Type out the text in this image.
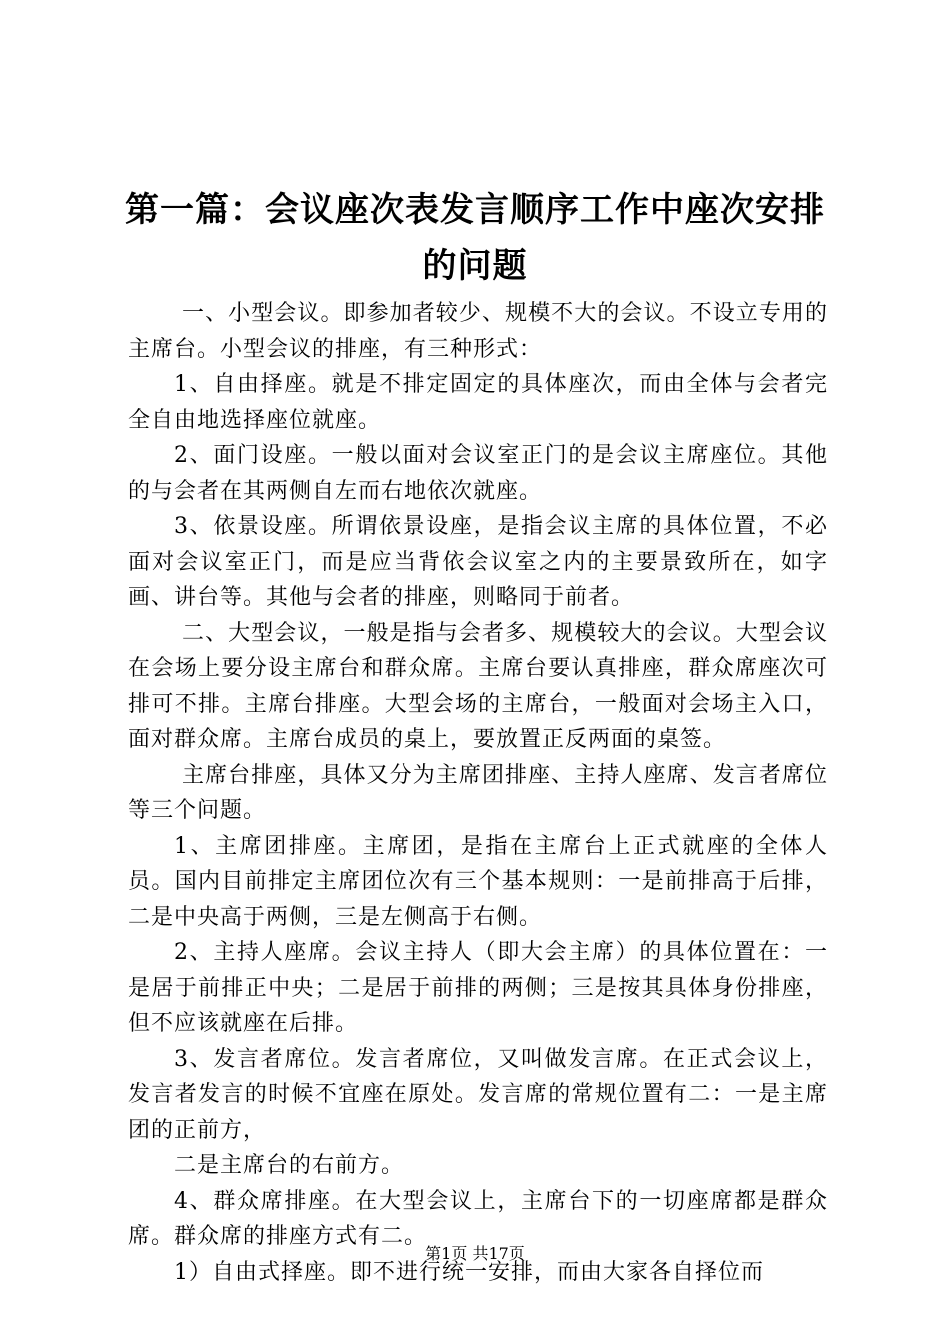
第一篇：会议座次表发言顺序工作中座次安排
的问题

一、小型会议。即参加者较少、规模不大的会议。不设立专用的主席台。小型会议的排座，有三种形式：

1、自由择座。就是不排定固定的具体座次，而由全体与会者完全自由地选择座位就座。

2、面门设座。一般以面对会议室正门的是会议主席座位。其他的与会者在其两侧自左而右地依次就座。

3、依景设座。所谓依景设座，是指会议主席的具体位置，不必面对会议室正门，而是应当背依会议室之内的主要景致所在，如字画、讲台等。其他与会者的排座，则略同于前者。

二、大型会议，一般是指与会者多、规模较大的会议。大型会议在会场上要分设主席台和群众席。主席台要认真排座，群众席座次可排可不排。主席台排座。大型会场的主席台，一般面对会场主入口，面对群众席。主席台成员的桌上，要放置正反两面的桌签。

主席台排座，具体又分为主席团排座、主持人座席、发言者席位等三个问题。

1、主席团排座。主席团，是指在主席台上正式就座的全体人员。国内目前排定主席团位次有三个基本规则：一是前排高于后排，二是中央高于两侧，三是左侧高于右侧。

2、主持人座席。会议主持人（即大会主席）的具体位置在：一是居于前排正中央；二是居于前排的两侧；三是按其具体身份排座，但不应该就座在后排。

3、发言者席位。发言者席位，又叫做发言席。在正式会议上，发言者发言的时候不宜座在原处。发言席的常规位置有二：一是主席团的正前方，

二是主席台的右前方。

4、群众席排座。在大型会议上，主席台下的一切座席都是群众席。群众席的排座方式有二。

1）自由式择座。即不进行统一安排，而由大家各自择位而

第1页 共17页
